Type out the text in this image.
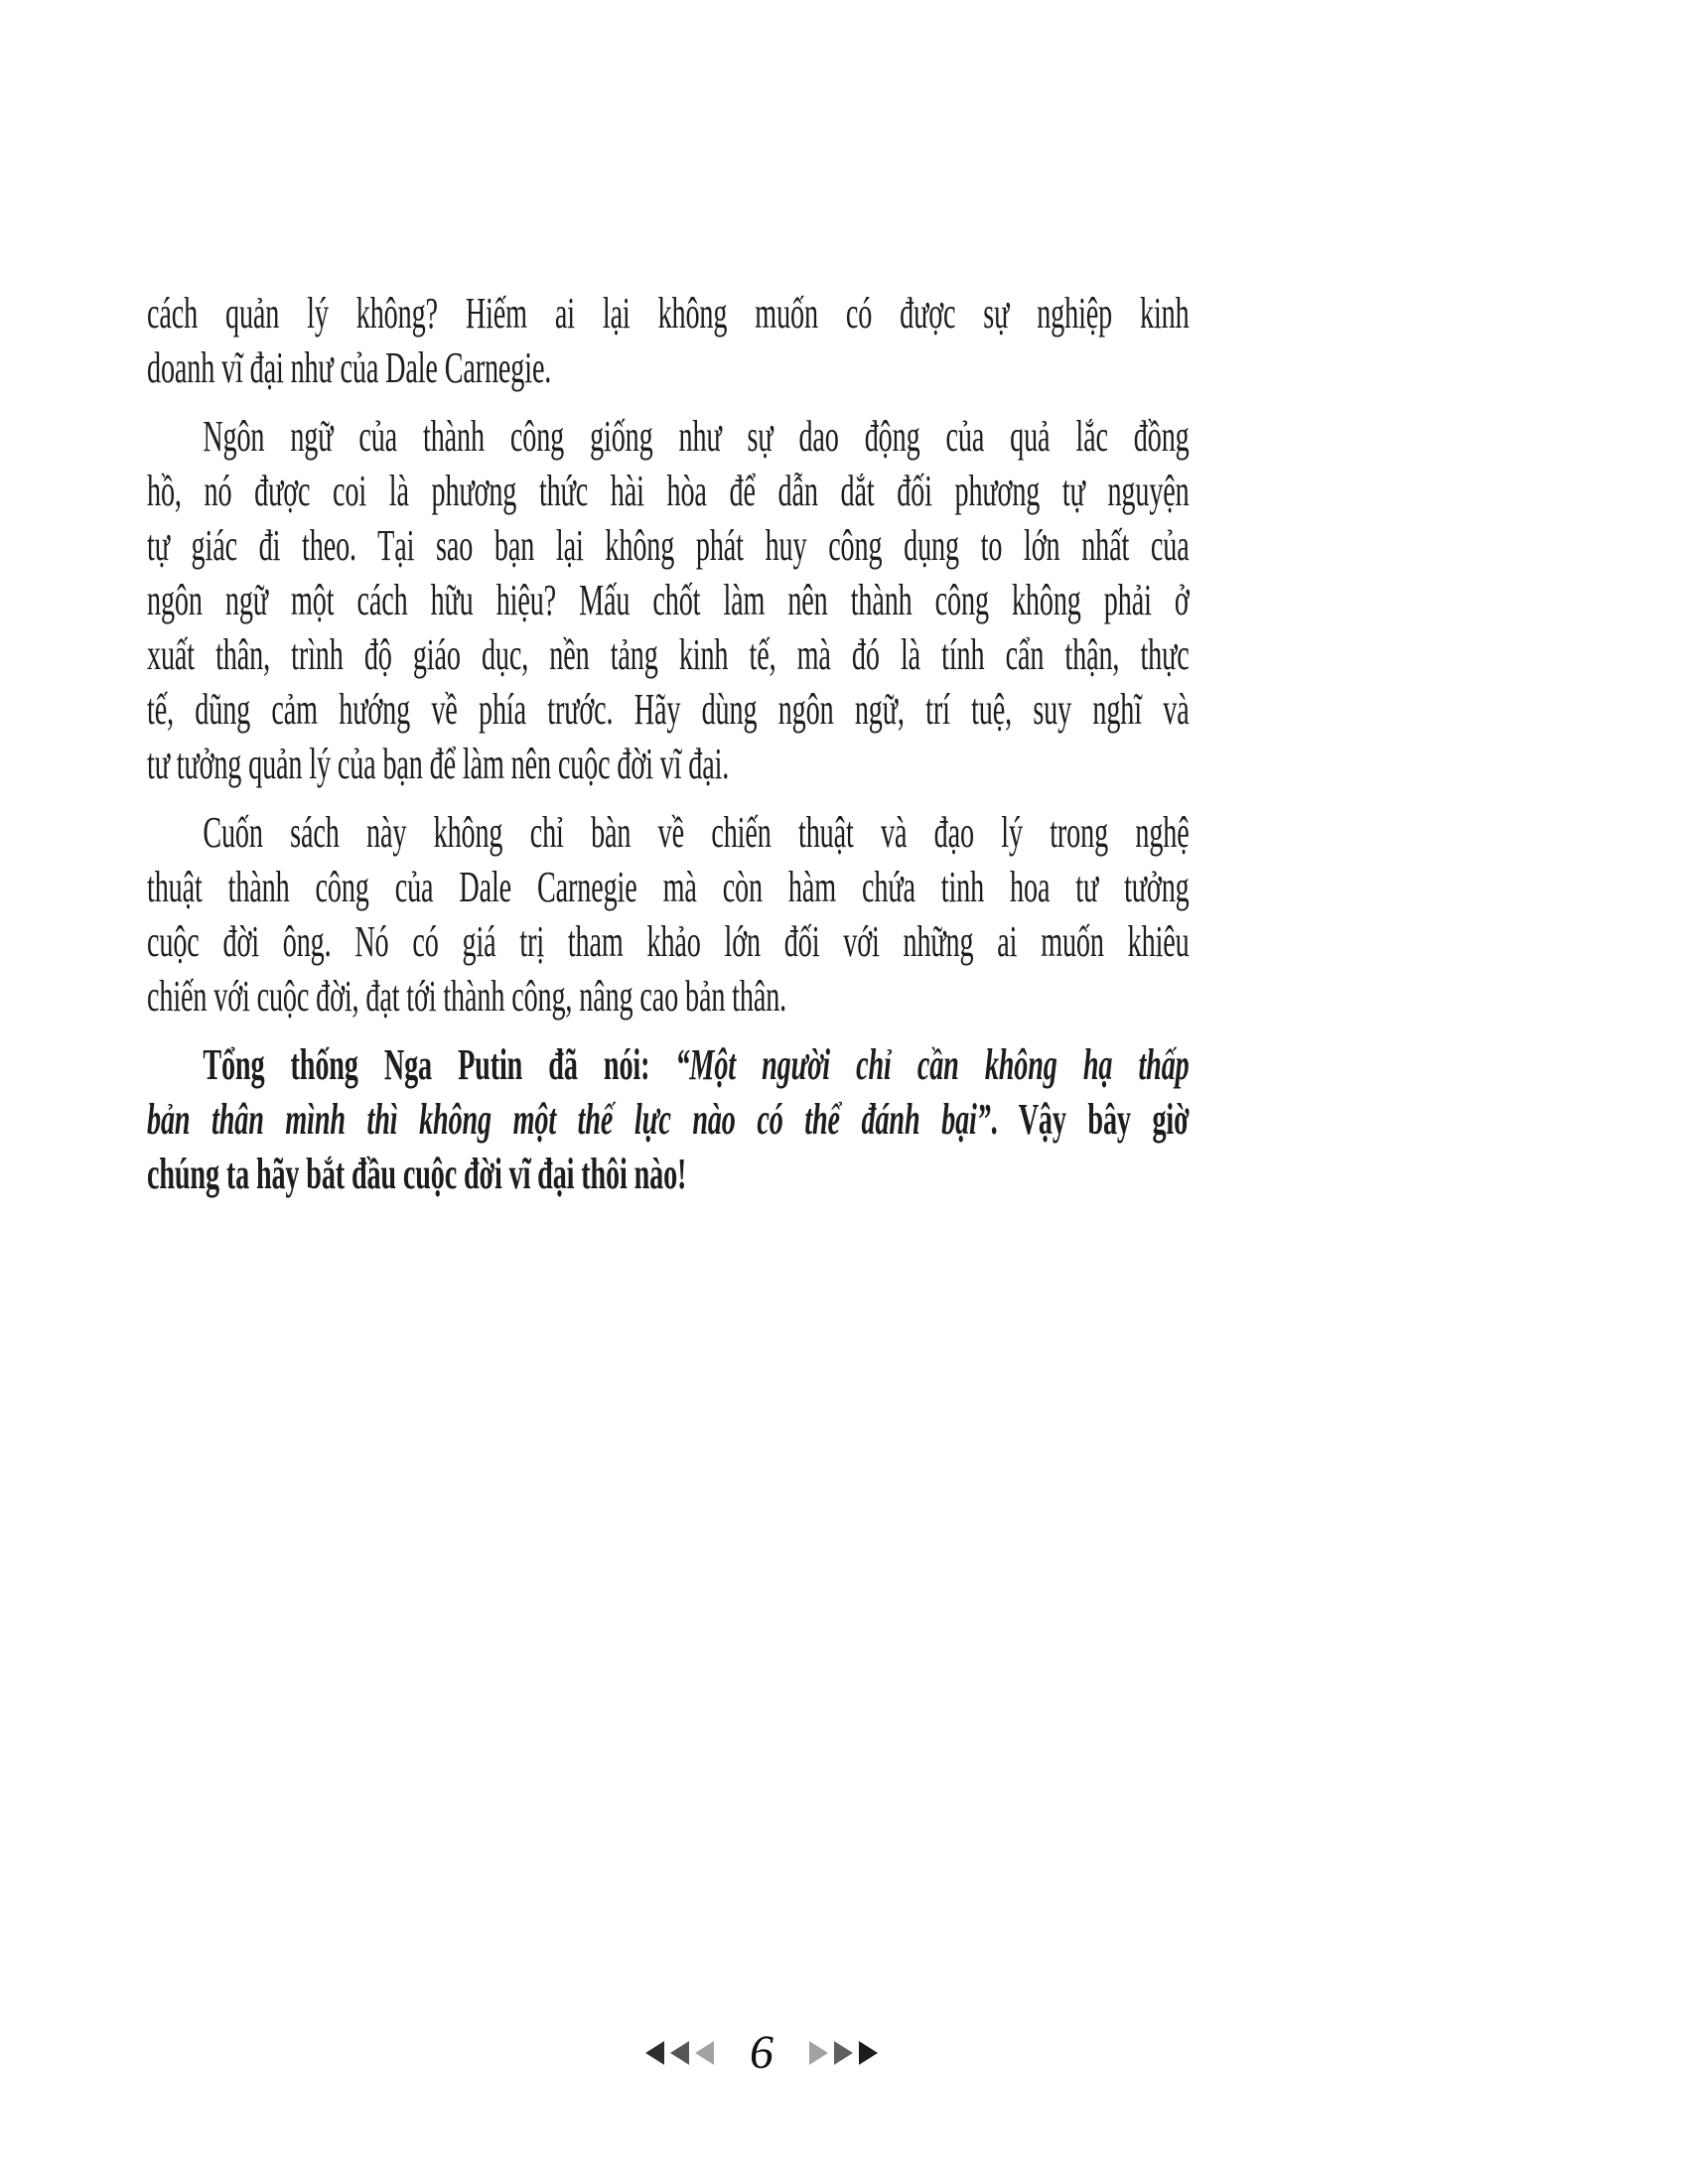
cách quản lý không? Hiếm ai lại không muốn có được sự nghiệp kinh
doanh vĩ đại như của Dale Carnegie.
Ngôn ngữ của thành công giống như sự dao động của quả lắc đồng
hồ, nó được coi là phương thức hài hòa để dẫn dắt đối phương tự nguyện
tự giác đi theo. Tại sao bạn lại không phát huy công dụng to lớn nhất của
ngôn ngữ một cách hữu hiệu? Mấu chốt làm nên thành công không phải ở
xuất thân, trình độ giáo dục, nền tảng kinh tế, mà đó là tính cẩn thận, thực
tế, dũng cảm hướng về phía trước. Hãy dùng ngôn ngữ, trí tuệ, suy nghĩ và
tư tưởng quản lý của bạn để làm nên cuộc đời vĩ đại.
Cuốn sách này không chỉ bàn về chiến thuật và đạo lý trong nghệ
thuật thành công của Dale Carnegie mà còn hàm chứa tinh hoa tư tưởng
cuộc đời ông. Nó có giá trị tham khảo lớn đối với những ai muốn khiêu
chiến với cuộc đời, đạt tới thành công, nâng cao bản thân.
Tổng thống Nga Putin đã nói: “Một người chỉ cần không hạ thấp
bản thân mình thì không một thế lực nào có thể đánh bại”. Vậy bây giờ
chúng ta hãy bắt đầu cuộc đời vĩ đại thôi nào!
6
